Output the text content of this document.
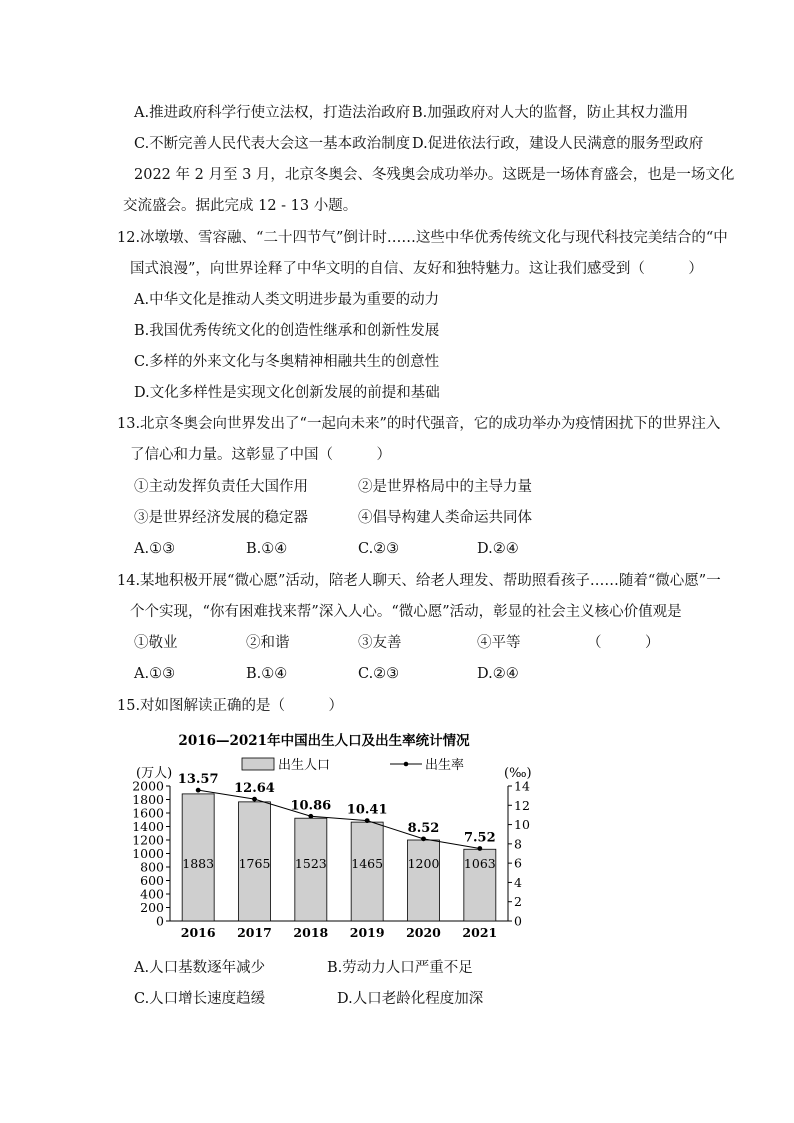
A.推进政府科学行使立法权，打造法治政府 B.加强政府对人大的监督，防止其权力滥用
C.不断完善人民代表大会这一基本政治制度 D.促进依法行政，建设人民满意的服务型政府
2022 年 2 月至 3 月，北京冬奥会、冬残奥会成功举办。这既是一场体育盛会，也是一场文化
交流盛会。据此完成 12 - 13 小题。
12.冰墩墩、雪容融、“二十四节气”倒计时……这些中华优秀传统文化与现代科技完美结合的“中
国式浪漫”，向世界诠释了中华文明的自信、友好和独特魅力。这让我们感受到（　　　）
A.中华文化是推动人类文明进步最为重要的动力
B.我国优秀传统文化的创造性继承和创新性发展
C.多样的外来文化与冬奥精神相融共生的创意性
D.文化多样性是实现文化创新发展的前提和基础
13.北京冬奥会向世界发出了“一起向未来”的时代强音，它的成功举办为疫情困扰下的世界注入
了信心和力量。这彰显了中国（　　　）
①主动发挥负责任大国作用	②是世界格局中的主导力量
③是世界经济发展的稳定器	④倡导构建人类命运共同体
A.①③	B.①④	C.②③	D.②④
14.某地积极开展“微心愿”活动，陪老人聊天、给老人理发、帮助照看孩子……随着“微心愿”一
个个实现，“你有困难找来帮”深入人心。“微心愿”活动，彰显的社会主义核心价值观是
①敬业	②和谐	③友善	④平等	（　　　）
A.①③	B.①④	C.②③	D.②④
15.对如图解读正确的是（　　　）
2016—2021年中国出生人口及出生率统计情况
出生人口	出生率
(万人)	(‰)
0
200
400
600
800
1000
1200
1400
1600
1800
2000
0
2
4
6
8
10
12
14
1883 1765 1523 1465 1200 1063
13.57
12.64
10.86 10.41
8.52
7.52
2016 2017 2018 2019 2020 2021
A.人口基数逐年减少	B.劳动力人口严重不足
C.人口增长速度趋缓	D.人口老龄化程度加深
